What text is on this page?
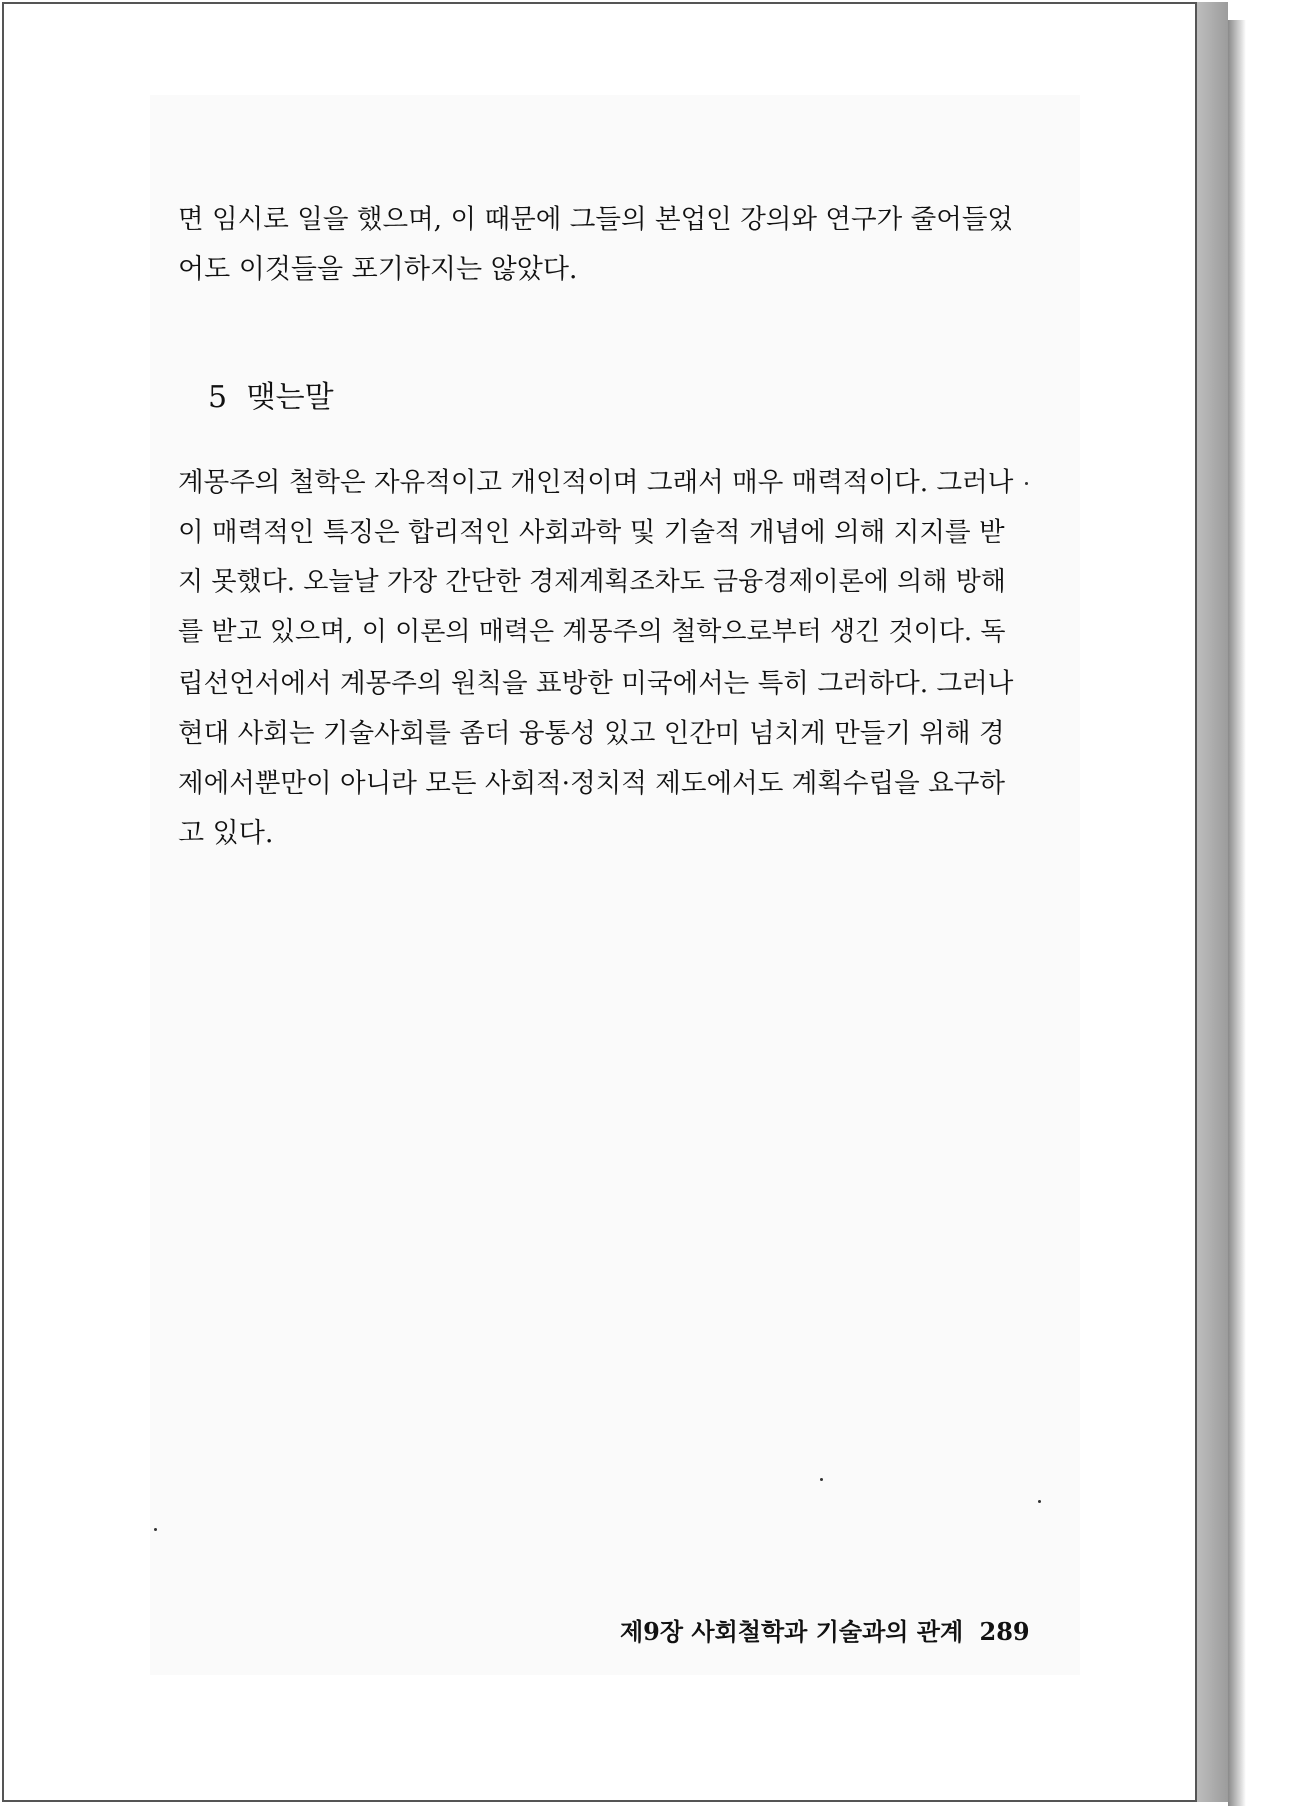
면 임시로 일을 했으며, 이 때문에 그들의 본업인 강의와 연구가 줄어들었
어도 이것들을 포기하지는 않았다.
5 맺는말
계몽주의 철학은 자유적이고 개인적이며 그래서 매우 매력적이다. 그러나
이 매력적인 특징은 합리적인 사회과학 및 기술적 개념에 의해 지지를 받
지 못했다. 오늘날 가장 간단한 경제계획조차도 금융경제이론에 의해 방해
를 받고 있으며, 이 이론의 매력은 계몽주의 철학으로부터 생긴 것이다. 독
립선언서에서 계몽주의 원칙을 표방한 미국에서는 특히 그러하다. 그러나
현대 사회는 기술사회를 좀더 융통성 있고 인간미 넘치게 만들기 위해 경
제에서뿐만이 아니라 모든 사회적·정치적 제도에서도 계획수립을 요구하
고 있다.
제9장 사회철학과 기술과의 관계 289
